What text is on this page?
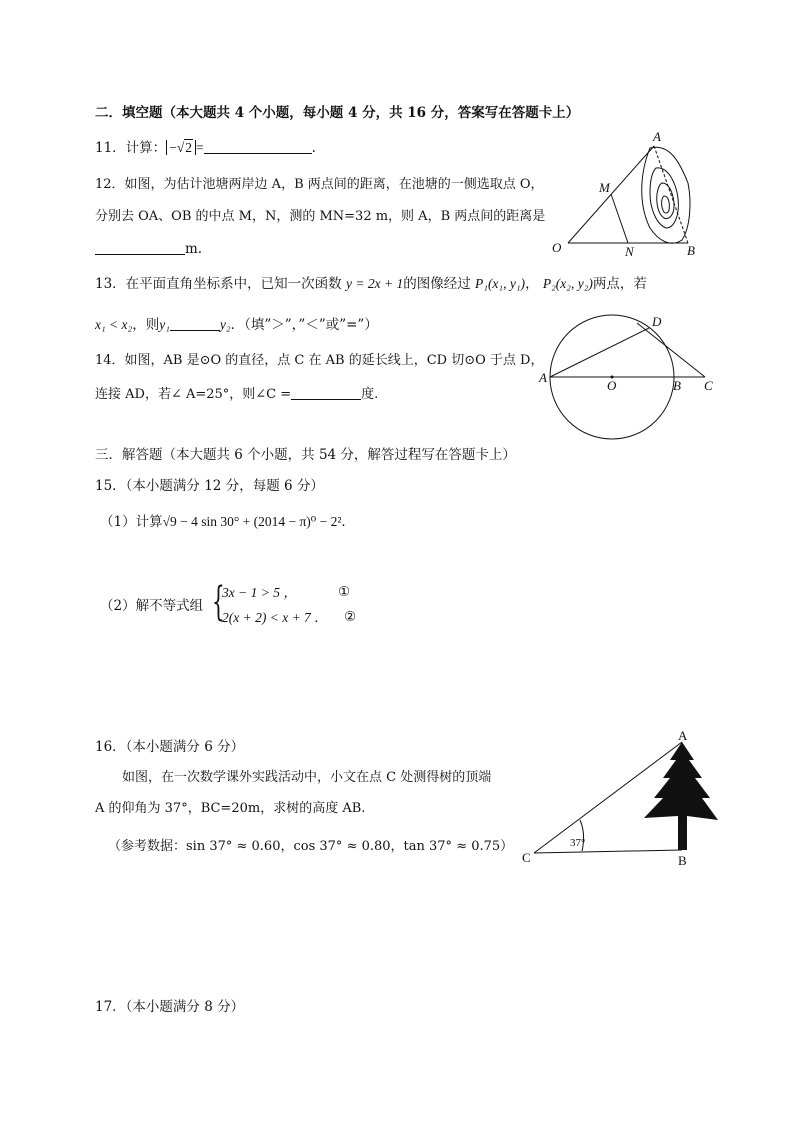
二．填空题（本大题共 4 个小题，每小题 4 分，共 16 分，答案写在答题卡上）
11．计算： −√2 =	.
12．如图，为估计池塘两岸边 A，B 两点间的距离，在池塘的一侧选取点 O，
分别去 OA、OB 的中点 M，N，测的 MN=32 m，则 A，B 两点间的距离是
m.
A
M
O	N	B
13．在平面直角坐标系中，已知一次函数 y = 2x + 1的图像经过 P₁(x₁, y₁)， P₂(x₂, y₂)两点，若
x₁ < x₂，则y₁	y₂．（填”＞”，”＜”或”=”）
14．如图，AB 是⊙O 的直径，点 C 在 AB 的延长线上，CD 切⊙O 于点 D，
连接 AD，若∠ A=25°，则∠C =	度.
A
O	B C
D
三．解答题（本大题共 6 个小题，共 54 分，解答过程写在答题卡上）
15．（本小题满分 12 分，每题 6 分）
（1）计算√9 − 4 sin 30° + (2014 − π)⁰ − 2²．
（2）解不等式组 {
3x − 1 > 5 ，
2(x + 2) < x + 7 ．
①
②
16．（本小题满分 6 分）
如图，在一次数学课外实践活动中，小文在点 C 处测得树的顶端
A 的仰角为 37°，BC=20m，求树的高度 AB.
（参考数据：sin 37° ≈ 0.60，cos 37° ≈ 0.80，tan 37° ≈ 0.75）
A
B
C
37°
17．（本小题满分 8 分）
